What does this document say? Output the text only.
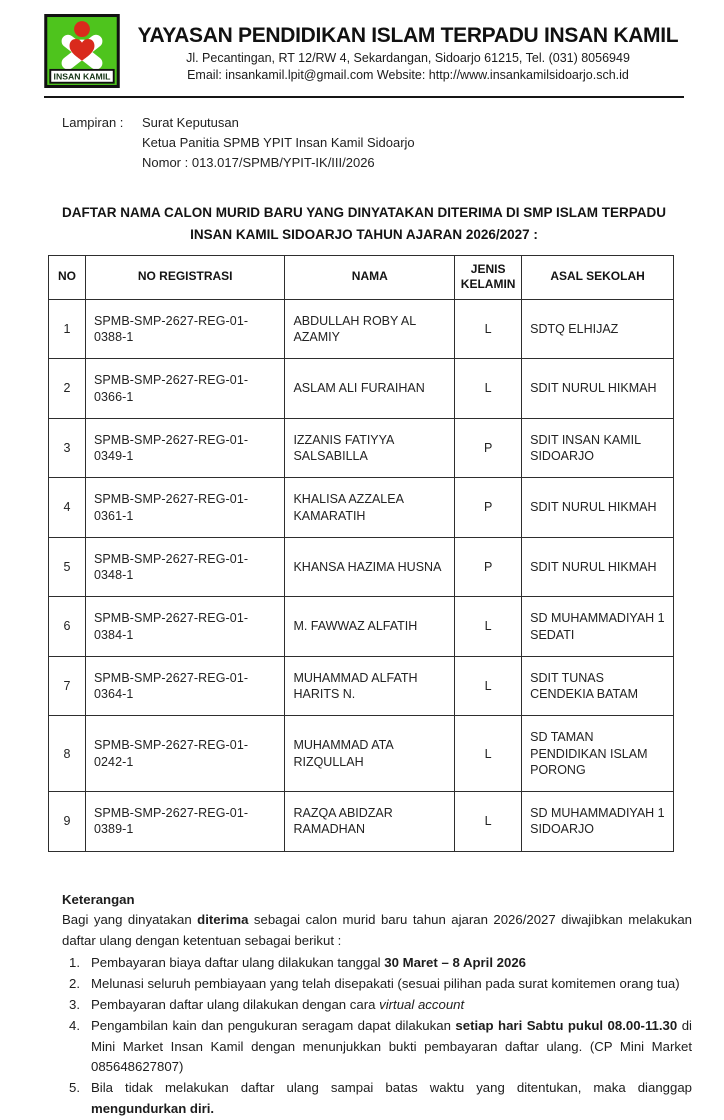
INSAN KAMIL
YAYASAN PENDIDIKAN ISLAM TERPADU INSAN KAMIL
Jl. Pecantingan, RT 12/RW 4, Sekardangan, Sidoarjo 61215, Tel. (031) 8056949
Email: insankamil.lpit@gmail.com Website: http://www.insankamilsidoarjo.sch.id
Lampiran :	Surat Keputusan
Ketua Panitia SPMB YPIT Insan Kamil Sidoarjo
Nomor : 013.017/SPMB/YPIT-IK/III/2026
DAFTAR NAMA CALON MURID BARU YANG DINYATAKAN DITERIMA DI SMP ISLAM TERPADU INSAN KAMIL SIDOARJO TAHUN AJARAN 2026/2027 :
NO	NO REGISTRASI	NAMA	JENIS KELAMIN	ASAL SEKOLAH
1	SPMB-SMP-2627-REG-01-0388-1	ABDULLAH ROBY AL AZAMIY	L	SDTQ ELHIJAZ
2	SPMB-SMP-2627-REG-01-0366-1	ASLAM ALI FURAIHAN	L	SDIT NURUL HIKMAH
3	SPMB-SMP-2627-REG-01-0349-1	IZZANIS FATIYYA SALSABILLA	P	SDIT INSAN KAMIL SIDOARJO
4	SPMB-SMP-2627-REG-01-0361-1	KHALISA AZZALEA KAMARATIH	P	SDIT NURUL HIKMAH
5	SPMB-SMP-2627-REG-01-0348-1	KHANSA HAZIMA HUSNA	P	SDIT NURUL HIKMAH
6	SPMB-SMP-2627-REG-01-0384-1	M. FAWWAZ ALFATIH	L	SD MUHAMMADIYAH 1 SEDATI
7	SPMB-SMP-2627-REG-01-0364-1	MUHAMMAD ALFATH HARITS N.	L	SDIT TUNAS CENDEKIA BATAM
8	SPMB-SMP-2627-REG-01-0242-1	MUHAMMAD ATA RIZQULLAH	L	SD TAMAN PENDIDIKAN ISLAM PORONG
9	SPMB-SMP-2627-REG-01-0389-1	RAZQA ABIDZAR RAMADHAN	L	SD MUHAMMADIYAH 1 SIDOARJO
Keterangan
Bagi yang dinyatakan diterima sebagai calon murid baru tahun ajaran 2026/2027 diwajibkan melakukan daftar ulang dengan ketentuan sebagai berikut :
1. Pembayaran biaya daftar ulang dilakukan tanggal 30 Maret – 8 April 2026
2. Melunasi seluruh pembiayaan yang telah disepakati (sesuai pilihan pada surat komitemen orang tua)
3. Pembayaran daftar ulang dilakukan dengan cara virtual account
4. Pengambilan kain dan pengukuran seragam dapat dilakukan setiap hari Sabtu pukul 08.00-11.30 di Mini Market Insan Kamil dengan menunjukkan bukti pembayaran daftar ulang. (CP Mini Market 085648627807)
5. Bila tidak melakukan daftar ulang sampai batas waktu yang ditentukan, maka dianggap mengundurkan diri.
